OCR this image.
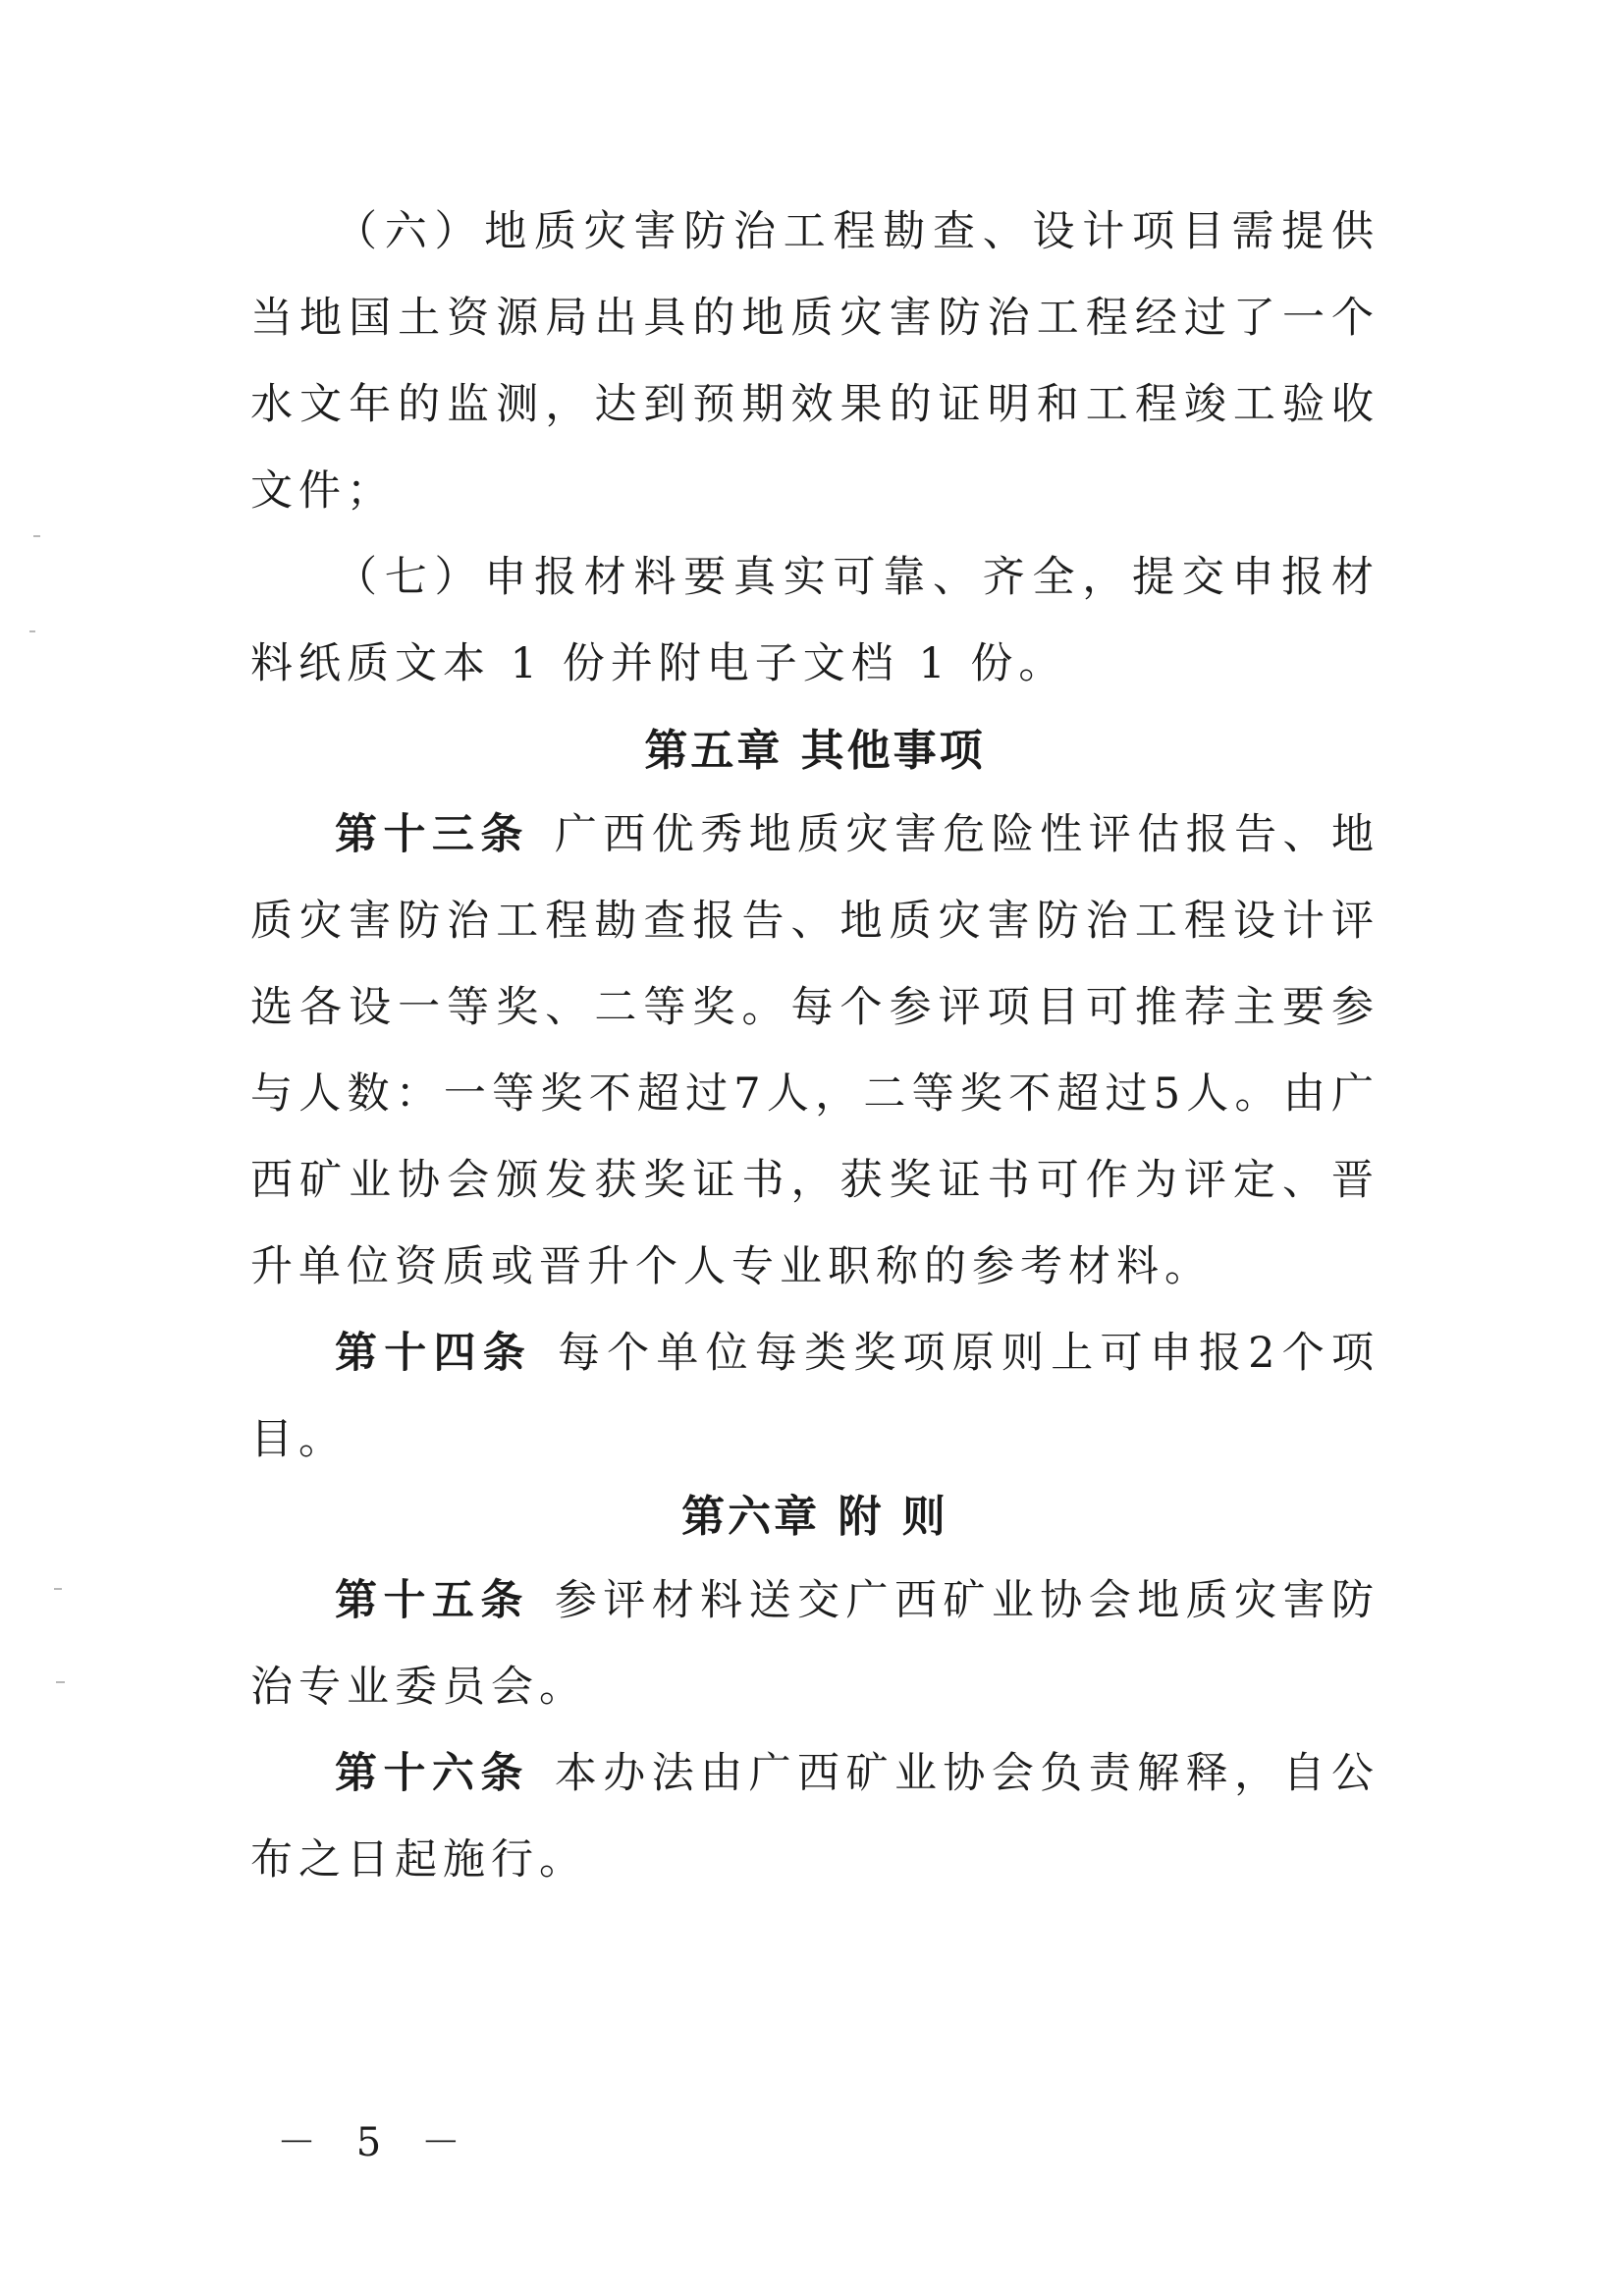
（六）地质灾害防治工程勘查、设计项目需提供当地国土资源局出具的地质灾害防治工程经过了一个水文年的监测，达到预期效果的证明和工程竣工验收文件；

（七）申报材料要真实可靠、齐全，提交申报材料纸质文本 1 份并附电子文档 1 份。

第五章 其他事项

第十三条 广西优秀地质灾害危险性评估报告、地质灾害防治工程勘查报告、地质灾害防治工程设计评选各设一等奖、二等奖。每个参评项目可推荐主要参与人数：一等奖不超过7人，二等奖不超过5人。由广西矿业协会颁发获奖证书，获奖证书可作为评定、晋升单位资质或晋升个人专业职称的参考材料。

第十四条 每个单位每类奖项原则上可申报2个项目。

第六章 附 则

第十五条 参评材料送交广西矿业协会地质灾害防治专业委员会。

第十六条 本办法由广西矿业协会负责解释，自公布之日起施行。

－ 5 －
